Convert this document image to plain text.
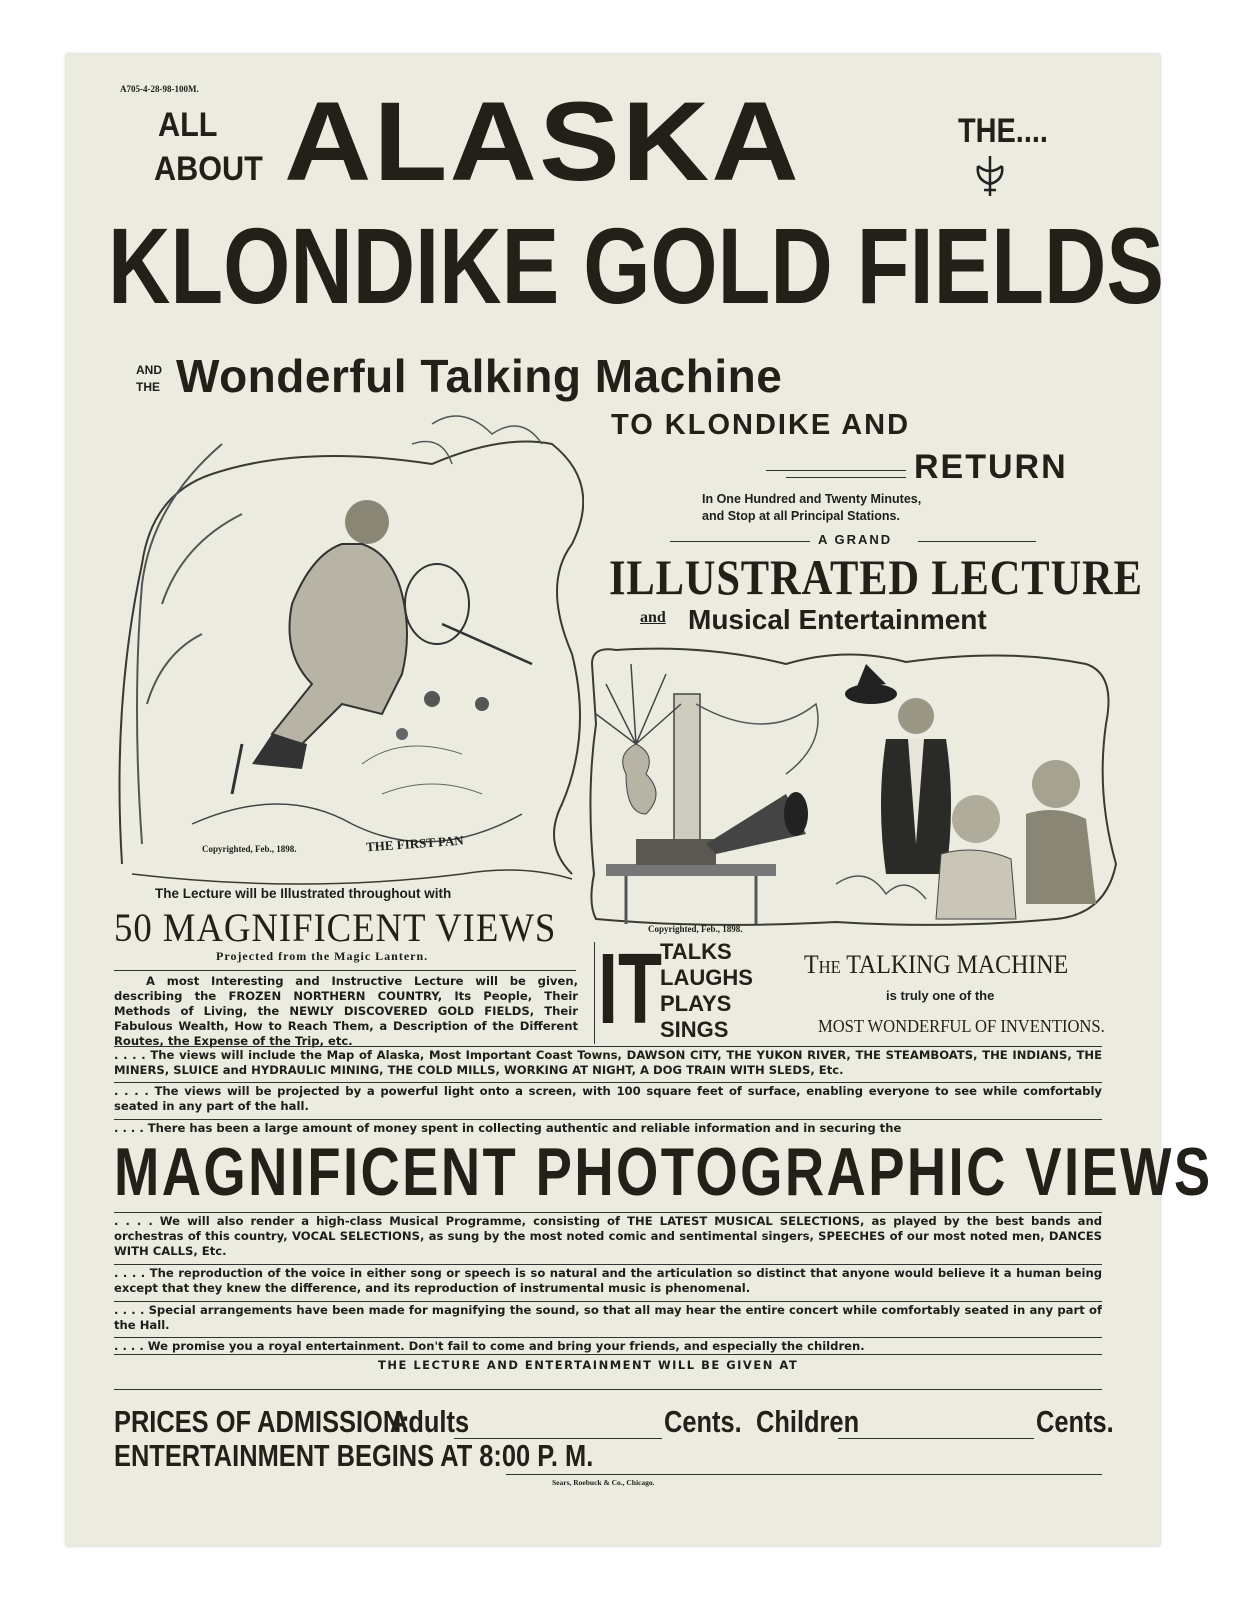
A705-4-28-98-100M.

ALL

ABOUT ALASKA	THE....

KLONDIKE GOLD FIELDS

AND

THE Wonderful Talking Machine

TO KLONDIKE AND

RETURN

In One Hundred and Twenty Minutes,

and Stop at all Principal Stations.

A GRAND

ILLUSTRATED LECTURE

and Musical Entertainment

Copyrighted, Feb., 1898.	THE FIRST PAN

Copyrighted, Feb., 1898.

The Lecture will be Illustrated throughout with

50 MAGNIFICENT VIEWS

Projected from the Magic Lantern.

A most Interesting and Instructive Lecture will be given, describing the FROZEN NORTHERN COUNTRY, Its People, Their Methods of Living, the NEWLY DISCOVERED GOLD FIELDS, Their Fabulous Wealth, How to Reach Them, a Description of the Different Routes, the Expense of the Trip, etc.	IT

TALKS

LAUGHS

PLAYS

SINGS

The TALKING MACHINE

is truly one of the

MOST WONDERFUL OF INVENTIONS.

. . . . The views will include the Map of Alaska, Most Important Coast Towns, DAWSON CITY, THE YUKON RIVER, THE STEAMBOATS, THE INDIANS, THE MINERS, SLUICE and HYDRAULIC MINING, THE COLD MILLS, WORKING AT NIGHT, A DOG TRAIN WITH SLEDS, Etc.

. . . . The views will be projected by a powerful light onto a screen, with 100 square feet of surface, enabling everyone to see while comfortably seated in any part of the hall.

. . . . There has been a large amount of money spent in collecting authentic and reliable information and in securing the

MAGNIFICENT PHOTOGRAPHIC VIEWS

. . . . We will also render a high-class Musical Programme, consisting of THE LATEST MUSICAL SELECTIONS, as played by the best bands and orchestras of this country, VOCAL SELECTIONS, as sung by the most noted comic and sentimental singers, SPEECHES of our most noted men, DANCES WITH CALLS, Etc.

. . . . The reproduction of the voice in either song or speech is so natural and the articulation so distinct that anyone would believe it a human being except that they knew the difference, and its reproduction of instrumental music is phenomenal.

. . . . Special arrangements have been made for magnifying the sound, so that all may hear the entire concert while comfortably seated in any part of the Hall.

. . . . We promise you a royal entertainment. Don't fail to come and bring your friends, and especially the children.

THE LECTURE AND ENTERTAINMENT WILL BE GIVEN AT

PRICES OF ADMISSION:

Adults	Cents. Children	Cents.

ENTERTAINMENT BEGINS AT 8:00 P. M.

Sears, Roebuck & Co., Chicago.
